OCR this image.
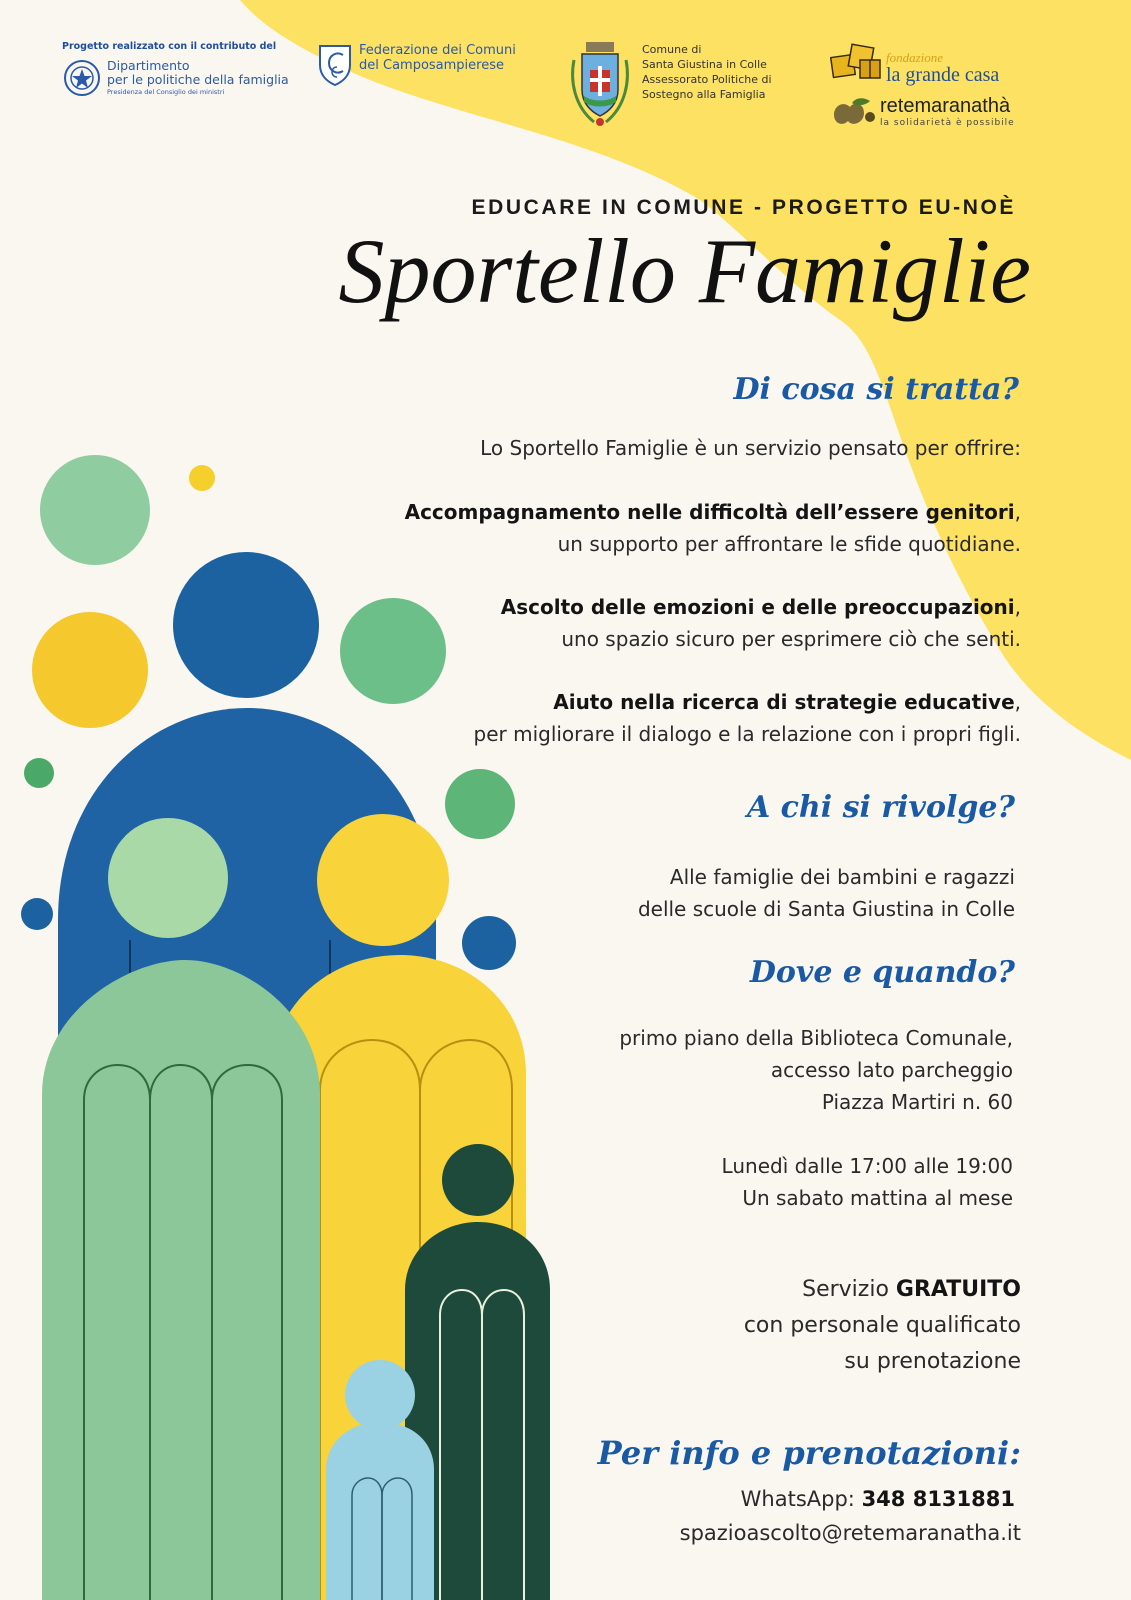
Progetto realizzato con il contributo del
Dipartimento
per le politiche della famiglia
Presidenza del Consiglio dei ministri
Federazione dei Comuni
del Camposampierese
Comune di
Santa Giustina in Colle
Assessorato Politiche di
Sostegno alla Famiglia
fondazione
la grande casa
retemaranathà
la solidarietà è possibile
EDUCARE IN COMUNE - PROGETTO EU-NOÈ
Sportello Famiglie
Di cosa si tratta?
Lo Sportello Famiglie è un servizio pensato per offrire:
Accompagnamento nelle difficoltà dell’essere genitori,
un supporto per affrontare le sfide quotidiane.
Ascolto delle emozioni e delle preoccupazioni,
uno spazio sicuro per esprimere ciò che senti.
Aiuto nella ricerca di strategie educative,
per migliorare il dialogo e la relazione con i propri figli.
A chi si rivolge?
Alle famiglie dei bambini e ragazzi
delle scuole di Santa Giustina in Colle
Dove e quando?
primo piano della Biblioteca Comunale,
accesso lato parcheggio
Piazza Martiri n. 60
Lunedì dalle 17:00 alle 19:00
Un sabato mattina al mese
Servizio GRATUITO
con personale qualificato
su prenotazione
Per info e prenotazioni:
WhatsApp: 348 8131881
spazioascolto@retemaranatha.it
